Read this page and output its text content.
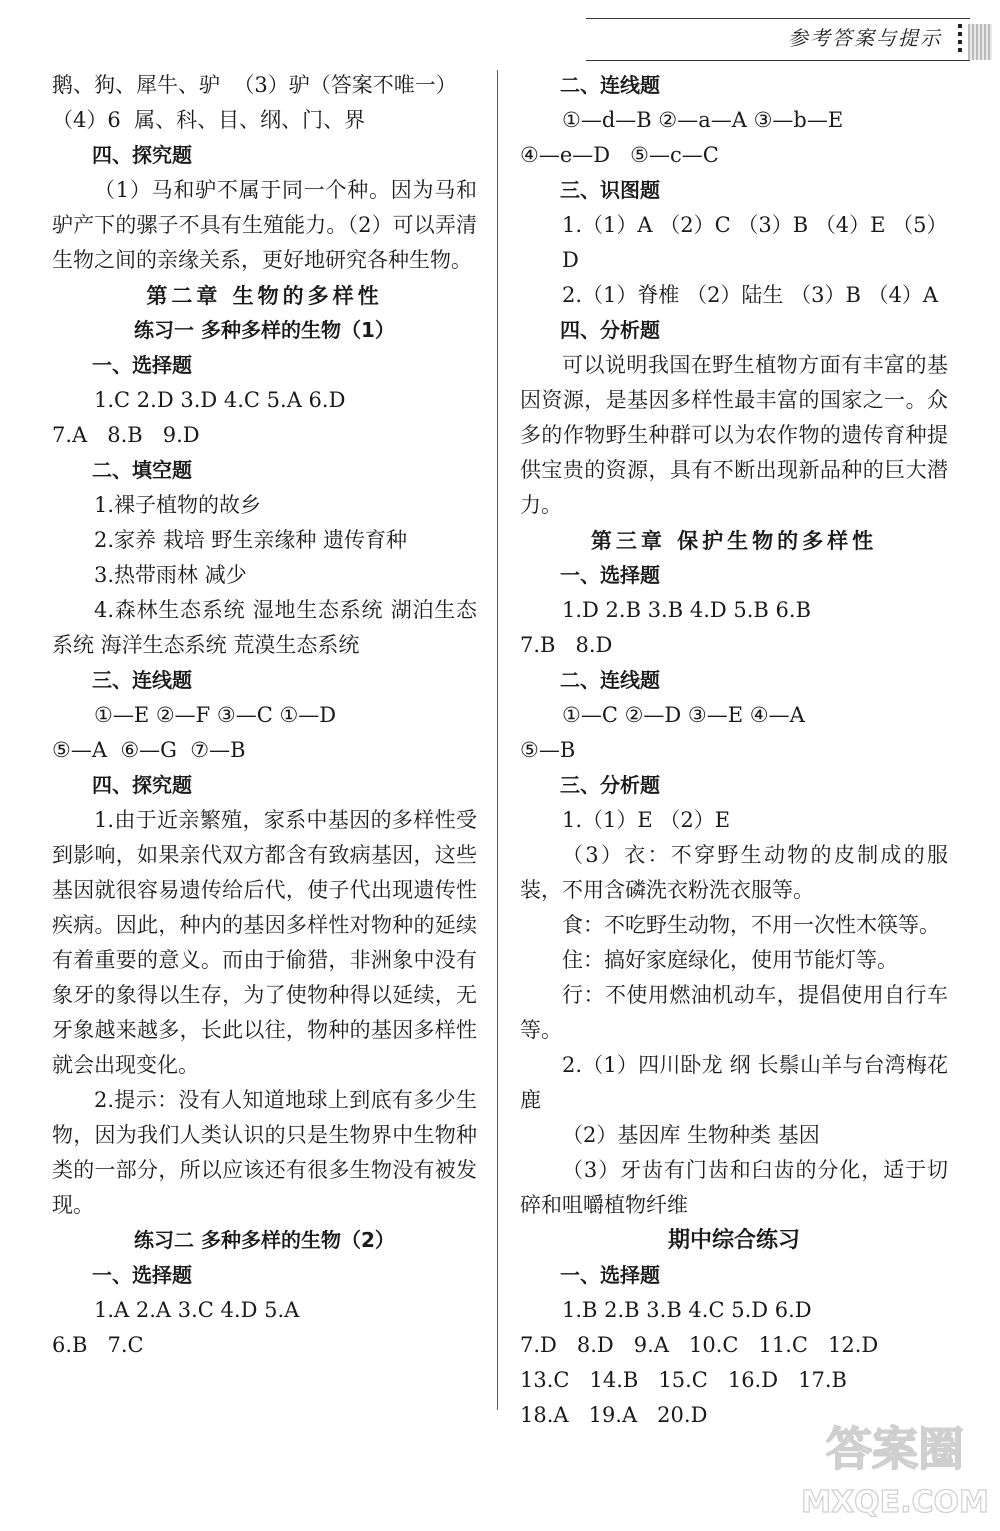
参考答案与提示
鹅、狗、犀牛、驴  （3）驴（答案不唯一）
（4）6  属、科、目、纲、门、界
四、探究题
（1）马和驴不属于同一个种。因为马和驴产下的骡子不具有生殖能力。（2）可以弄清生物之间的亲缘关系，更好地研究各种生物。
第二章 生物的多样性
练习一 多种多样的生物（1）
一、选择题
1.C 2.D 3.D 4.C 5.A 6.D
7.A   8.B   9.D
二、填空题
1.裸子植物的故乡
2.家养 栽培 野生亲缘种 遗传育种
3.热带雨林 减少
4.森林生态系统 湿地生态系统 湖泊生态系统 海洋生态系统 荒漠生态系统
三、连线题
①—E ②—F ③—C ①—D
⑤—A  ⑥—G  ⑦—B
四、探究题
1.由于近亲繁殖，家系中基因的多样性受到影响，如果亲代双方都含有致病基因，这些基因就很容易遗传给后代，使子代出现遗传性疾病。因此，种内的基因多样性对物种的延续有着重要的意义。而由于偷猎，非洲象中没有象牙的象得以生存，为了使物种得以延续，无牙象越来越多，长此以往，物种的基因多样性就会出现变化。
2.提示：没有人知道地球上到底有多少生物，因为我们人类认识的只是生物界中生物种类的一部分，所以应该还有很多生物没有被发现。
练习二 多种多样的生物（2）
一、选择题
1.A 2.A 3.C 4.D 5.A
6.B   7.C
二、连线题
①—d—B ②—a—A ③—b—E
④—e—D   ⑤—c—C
三、识图题
1.（1）A （2）C （3）B （4）E （5）D
2.（1）脊椎 （2）陆生 （3）B （4）A
四、分析题
可以说明我国在野生植物方面有丰富的基因资源，是基因多样性最丰富的国家之一。众多的作物野生种群可以为农作物的遗传育种提供宝贵的资源，具有不断出现新品种的巨大潜力。
第三章 保护生物的多样性
一、选择题
1.D 2.B 3.B 4.D 5.B 6.B
7.B   8.D
二、连线题
①—C ②—D ③—E ④—A
⑤—B
三、分析题
1.（1）E （2）E
（3）衣：不穿野生动物的皮制成的服装，不用含磷洗衣粉洗衣服等。
食：不吃野生动物，不用一次性木筷等。
住：搞好家庭绿化，使用节能灯等。
行：不使用燃油机动车，提倡使用自行车等。
2.（1）四川卧龙 纲 长鬃山羊与台湾梅花鹿
（2）基因库 生物种类 基因
（3）牙齿有门齿和臼齿的分化，适于切碎和咀嚼植物纤维
期中综合练习
一、选择题
1.B 2.B 3.B 4.C 5.D 6.D
7.D   8.D   9.A   10.C   11.C   12.D
13.C   14.B   15.C   16.D   17.B
18.A   19.A   20.D
答案圈
MXQE.COM
